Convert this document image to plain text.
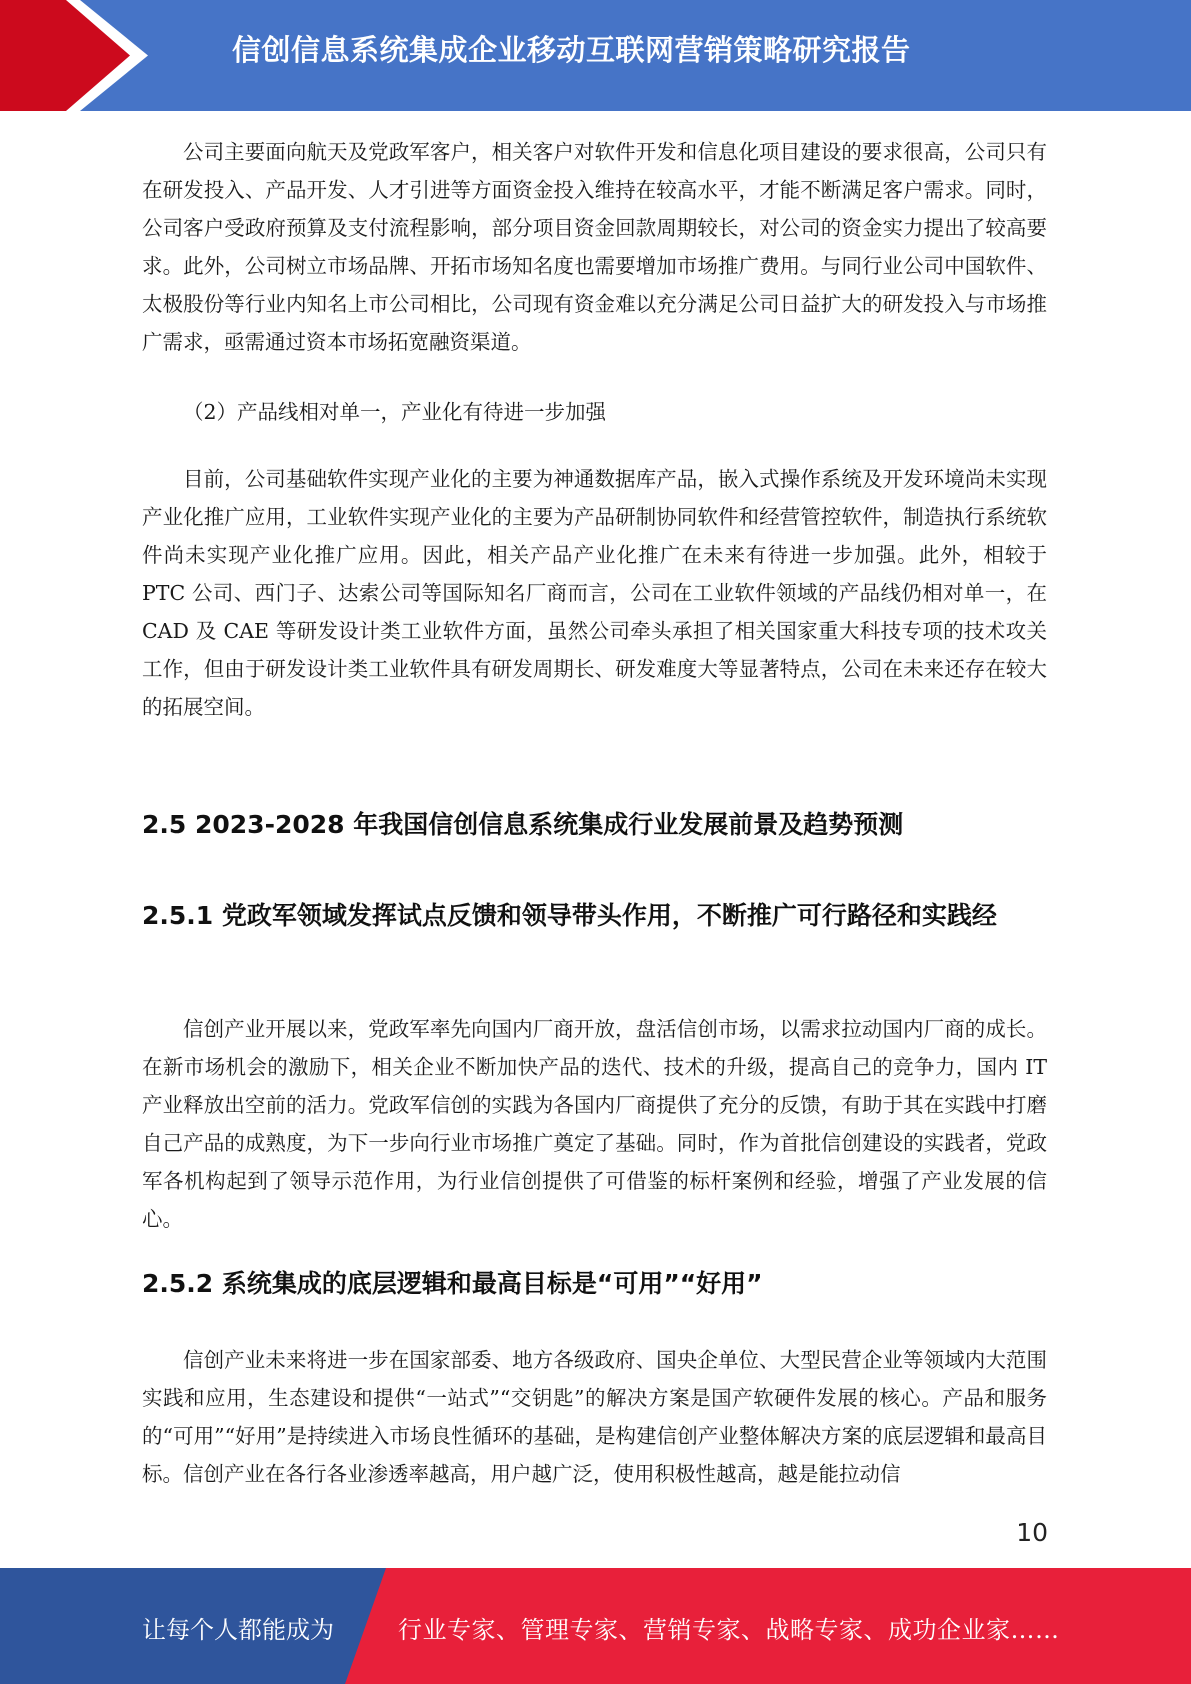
信创信息系统集成企业移动互联网营销策略研究报告

公司主要面向航天及党政军客户，相关客户对软件开发和信息化项目建设的要求很高，公司只有在研发投入、产品开发、人才引进等方面资金投入维持在较高水平，才能不断满足客户需求。同时，公司客户受政府预算及支付流程影响，部分项目资金回款周期较长，对公司的资金实力提出了较高要求。此外，公司树立市场品牌、开拓市场知名度也需要增加市场推广费用。与同行业公司中国软件、太极股份等行业内知名上市公司相比，公司现有资金难以充分满足公司日益扩大的研发投入与市场推广需求，亟需通过资本市场拓宽融资渠道。

（2）产品线相对单一，产业化有待进一步加强

目前，公司基础软件实现产业化的主要为神通数据库产品，嵌入式操作系统及开发环境尚未实现产业化推广应用，工业软件实现产业化的主要为产品研制协同软件和经营管控软件，制造执行系统软件尚未实现产业化推广应用。因此，相关产品产业化推广在未来有待进一步加强。此外，相较于 PTC 公司、西门子、达索公司等国际知名厂商而言，公司在工业软件领域的产品线仍相对单一，在 CAD 及 CAE 等研发设计类工业软件方面，虽然公司牵头承担了相关国家重大科技专项的技术攻关工作，但由于研发设计类工业软件具有研发周期长、研发难度大等显著特点，公司在未来还存在较大的拓展空间。

2.5 2023-2028 年我国信创信息系统集成行业发展前景及趋势预测
2.5.1 党政军领域发挥试点反馈和领导带头作用，不断推广可行路径和实践经

信创产业开展以来，党政军率先向国内厂商开放，盘活信创市场，以需求拉动国内厂商的成长。在新市场机会的激励下，相关企业不断加快产品的迭代、技术的升级，提高自己的竞争力，国内 IT 产业释放出空前的活力。党政军信创的实践为各国内厂商提供了充分的反馈，有助于其在实践中打磨自己产品的成熟度，为下一步向行业市场推广奠定了基础。同时，作为首批信创建设的实践者，党政军各机构起到了领导示范作用，为行业信创提供了可借鉴的标杆案例和经验，增强了产业发展的信心。

2.5.2 系统集成的底层逻辑和最高目标是“可用”“好用”

信创产业未来将进一步在国家部委、地方各级政府、国央企单位、大型民营企业等领域内大范围实践和应用，生态建设和提供“一站式”“交钥匙”的解决方案是国产软硬件发展的核心。产品和服务的“可用”“好用”是持续进入市场良性循环的基础，是构建信创产业整体解决方案的底层逻辑和最高目标。信创产业在各行各业渗透率越高，用户越广泛，使用积极性越高，越是能拉动信

10
让每个人都能成为	行业专家、管理专家、营销专家、战略专家、成功企业家……
